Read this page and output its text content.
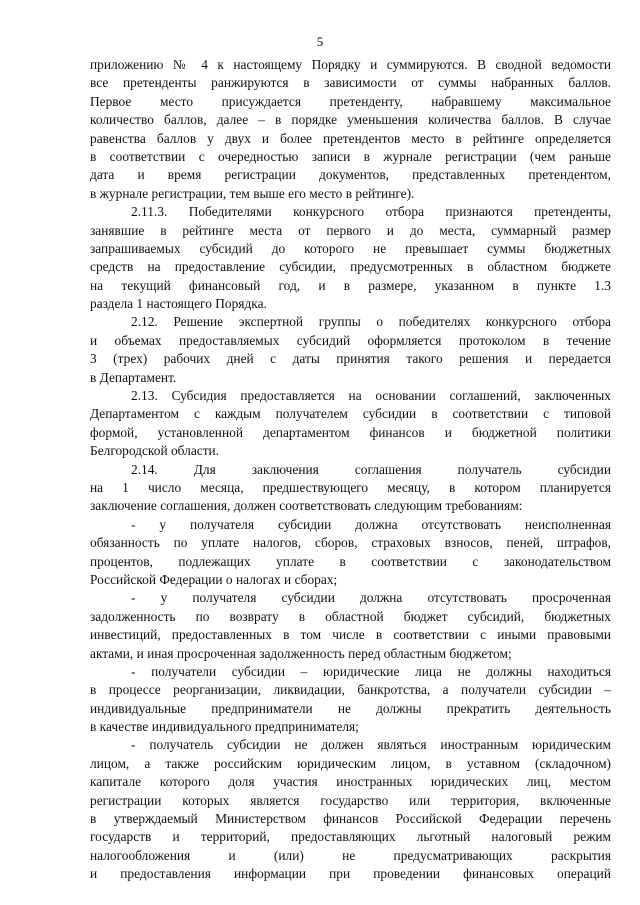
5
приложению № 4 к настоящему Порядку и суммируются. В сводной ведомости
все претенденты ранжируются в зависимости от суммы набранных баллов.
Первое место присуждается претенденту, набравшему максимальное
количество баллов, далее – в порядке уменьшения количества баллов. В случае
равенства баллов у двух и более претендентов место в рейтинге определяется
в соответствии с очередностью записи в журнале регистрации (чем раньше
дата и время регистрации документов, представленных претендентом,
в журнале регистрации, тем выше его место в рейтинге).
2.11.3. Победителями конкурсного отбора признаются претенденты,
занявшие в рейтинге места от первого и до места, суммарный размер
запрашиваемых субсидий до которого не превышает суммы бюджетных
средств на предоставление субсидии, предусмотренных в областном бюджете
на текущий финансовый год, и в размере, указанном в пункте 1.3
раздела 1 настоящего Порядка.
2.12. Решение экспертной группы о победителях конкурсного отбора
и объемах предоставляемых субсидий оформляется протоколом в течение
3 (трех) рабочих дней с даты принятия такого решения и передается
в Департамент.
2.13. Субсидия предоставляется на основании соглашений, заключенных
Департаментом с каждым получателем субсидии в соответствии с типовой
формой, установленной департаментом финансов и бюджетной политики
Белгородской области.
2.14. Для заключения соглашения получатель субсидии
на 1 число месяца, предшествующего месяцу, в котором планируется
заключение соглашения, должен соответствовать следующим требованиям:
- у получателя субсидии должна отсутствовать неисполненная
обязанность по уплате налогов, сборов, страховых взносов, пеней, штрафов,
процентов, подлежащих уплате в соответствии с законодательством
Российской Федерации о налогах и сборах;
- у получателя субсидии должна отсутствовать просроченная
задолженность по возврату в областной бюджет субсидий, бюджетных
инвестиций, предоставленных в том числе в соответствии с иными правовыми
актами, и иная просроченная задолженность перед областным бюджетом;
- получатели субсидии – юридические лица не должны находиться
в процессе реорганизации, ликвидации, банкротства, а получатели субсидии –
индивидуальные предприниматели не должны прекратить деятельность
в качестве индивидуального предпринимателя;
- получатель субсидии не должен являться иностранным юридическим
лицом, а также российским юридическим лицом, в уставном (складочном)
капитале которого доля участия иностранных юридических лиц, местом
регистрации которых является государство или территория, включенные
в утверждаемый Министерством финансов Российской Федерации перечень
государств и территорий, предоставляющих льготный налоговый режим
налогообложения и (или) не предусматривающих раскрытия
и предоставления информации при проведении финансовых операций
